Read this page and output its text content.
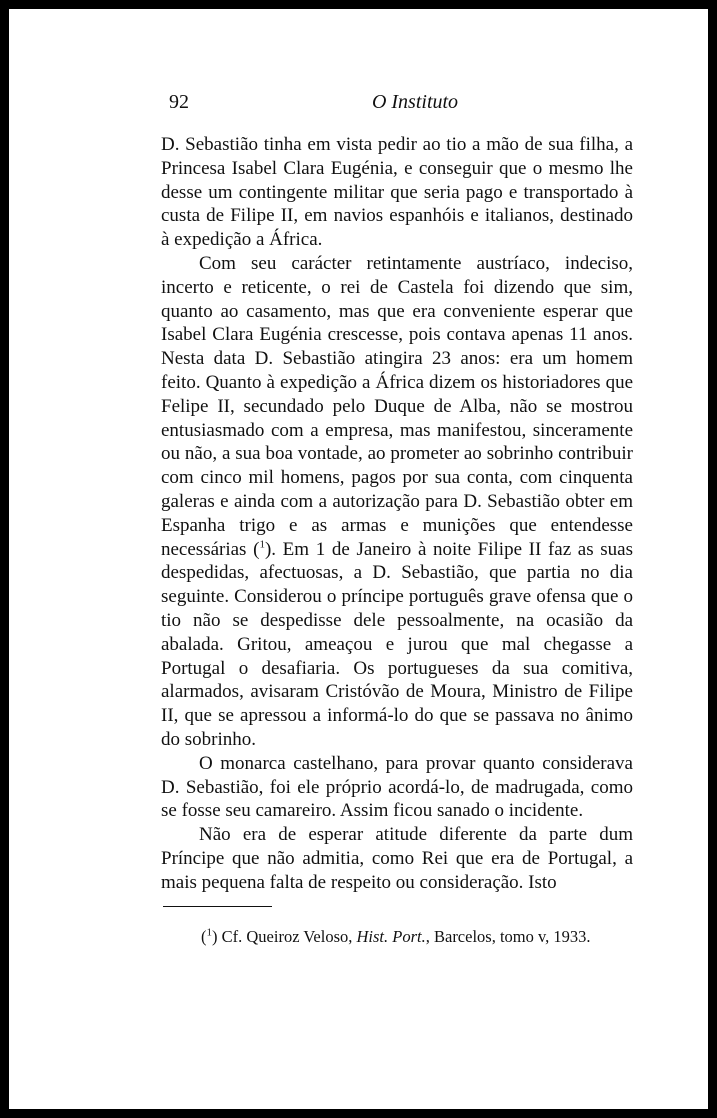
92	O Instituto

D. Sebastião tinha em vista pedir ao tio a mão de sua filha, a Princesa Isabel Clara Eugénia, e conseguir que o mesmo lhe desse um contingente militar que seria pago e transportado à custa de Filipe II, em navios espanhóis e italianos, destinado à expedição a África.

Com seu carácter retintamente austríaco, indeciso, incerto e reticente, o rei de Castela foi dizendo que sim, quanto ao casamento, mas que era conveniente esperar que Isabel Clara Eugénia crescesse, pois contava apenas 11 anos. Nesta data D. Sebastião atingira 23 anos: era um homem feito. Quanto à expedição a África dizem os historiadores que Felipe II, secundado pelo Duque de Alba, não se mostrou entusiasmado com a empresa, mas manifestou, sinceramente ou não, a sua boa vontade, ao prometer ao sobrinho contribuir com cinco mil homens, pagos por sua conta, com cinquenta galeras e ainda com a autorização para D. Sebastião obter em Espanha trigo e as armas e munições que entendesse necessárias ($^1$). Em 1 de Janeiro à noite Filipe II faz as suas despedidas, afectuosas, a D. Sebastião, que partia no dia seguinte. Considerou o príncipe português grave ofensa que o tio não se despedisse dele pessoalmente, na ocasião da abalada. Gritou, ameaçou e jurou que mal chegasse a Portugal o desafiaria. Os portugueses da sua comitiva, alarmados, avisaram Cristóvão de Moura, Ministro de Filipe II, que se apressou a informá-lo do que se passava no ânimo do sobrinho.

O monarca castelhano, para provar quanto considerava D. Sebastião, foi ele próprio acordá-lo, de madrugada, como se fosse seu camareiro. Assim ficou sanado o incidente.

Não era de esperar atitude diferente da parte dum Príncipe que não admitia, como Rei que era de Portugal, a mais pequena falta de respeito ou consideração. Isto

($^1$) Cf. Queiroz Veloso, Hist. Port., Barcelos, tomo v, 1933.
